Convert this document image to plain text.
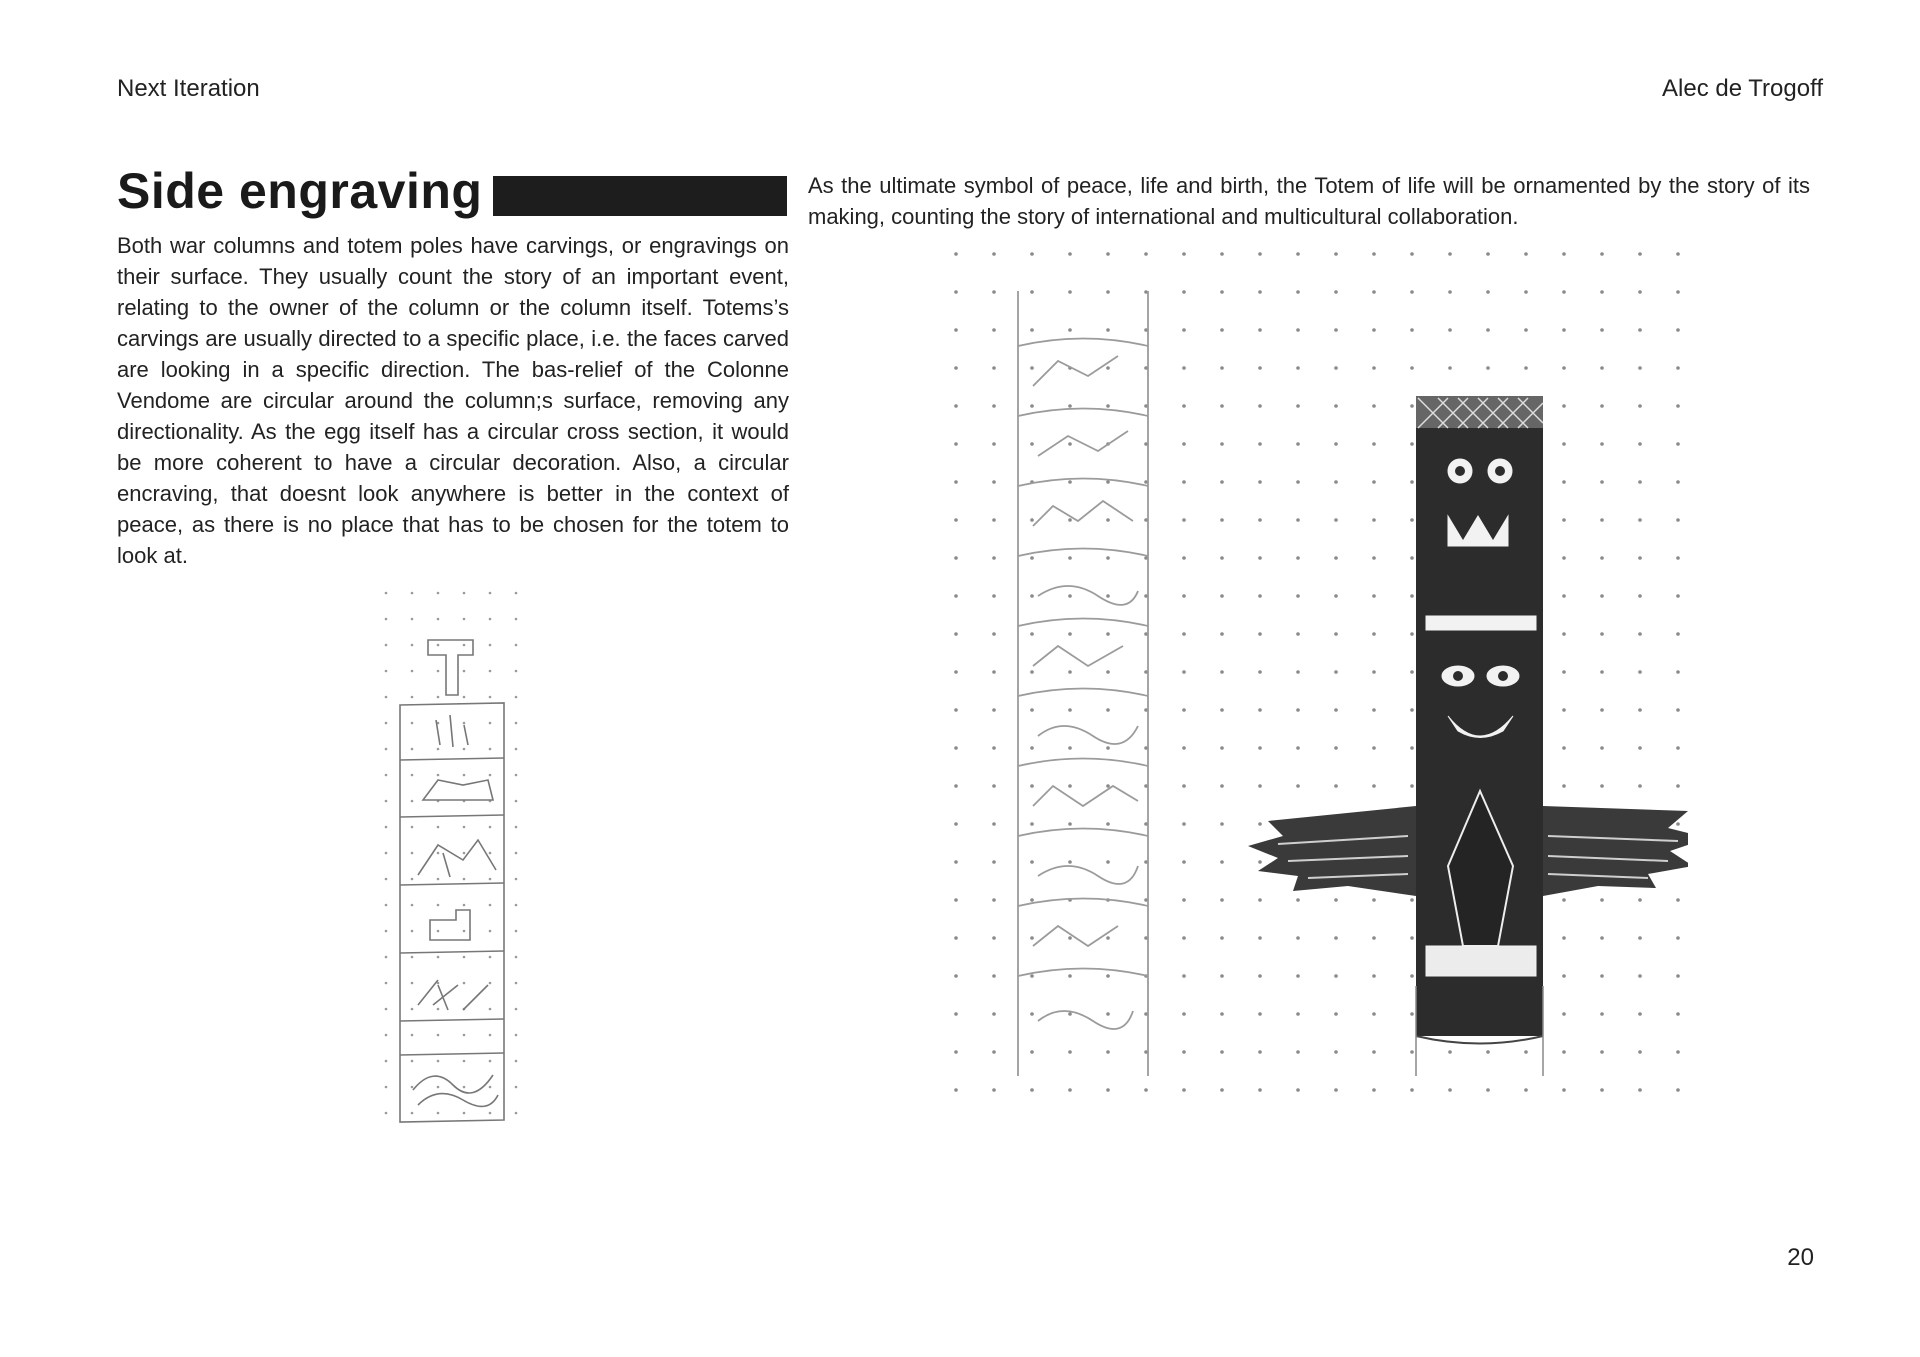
Next Iteration	Alec de Trogoff
Side engraving

Both war columns and totem poles have carvings, or engravings on their surface. They usually count the story of an important event, relating to the owner of the column or the column itself. Totems’s carvings are usually directed to a specific place, i.e. the faces carved are looking in a specific direction. The bas-relief of the Colonne Vendome are circular around the column;s surface, removing any directionality. As the egg itself has a circular cross section, it would be more coherent to have a circular decoration. Also, a circular encraving, that doesnt look anywhere is better in the context of peace, as there is no place that has to be chosen for the totem to look at.

As the ultimate symbol of peace, life and birth, the Totem of life will be ornamented by the story of its making, counting the story of international and multicultural collaboration.

20
